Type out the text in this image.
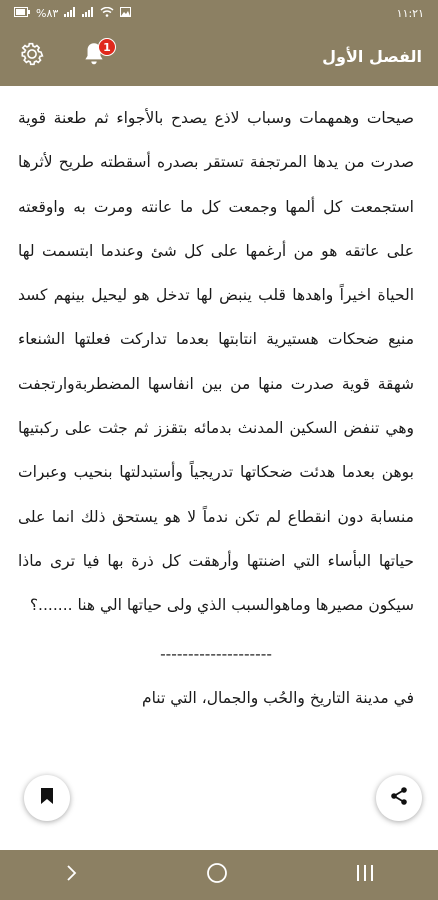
%٨٣	١١:٢١
1	الفصل الأول

صيحات وهمهمات وسباب لاذع يصدح بالأجواء ثم طعنة قوية صدرت من يدها المرتجفة تستقر بصدره أسقطته طريح لأثرها استجمعت كل ألمها وجمعت كل ما عانته ومرت به واوقعته على عاتقه هو من أرغمها على كل شئ وعندما ابتسمت لها الحياة اخيراً واهدها قلب ينبض لها تدخل هو ليحيل بينهم كسد منيع ضحكات هستيرية انتابتها بعدما تداركت فعلتها الشنعاء شهقة قوية صدرت منها من بين انفاسها المضطربةوارتجفت وهي تنفض السكين المدنث بدمائه بتقزز ثم جثت على ركبتيها بوهن بعدما هدئت ضحكاتها تدريجياً وأستبدلتها بنحيب وعبرات منسابة دون انقطاع لم تكن ندماً لا هو يستحق ذلك انما على حياتها البأساء التي اضنتها وأرهقت كل ذرة بها فيا ترى ماذا سيكون مصيرها وماهوالسبب الذي ولى حياتها الي هنا .......؟

--------------------

في مدينة التاريخ والحُب والجمال، التي تنام
